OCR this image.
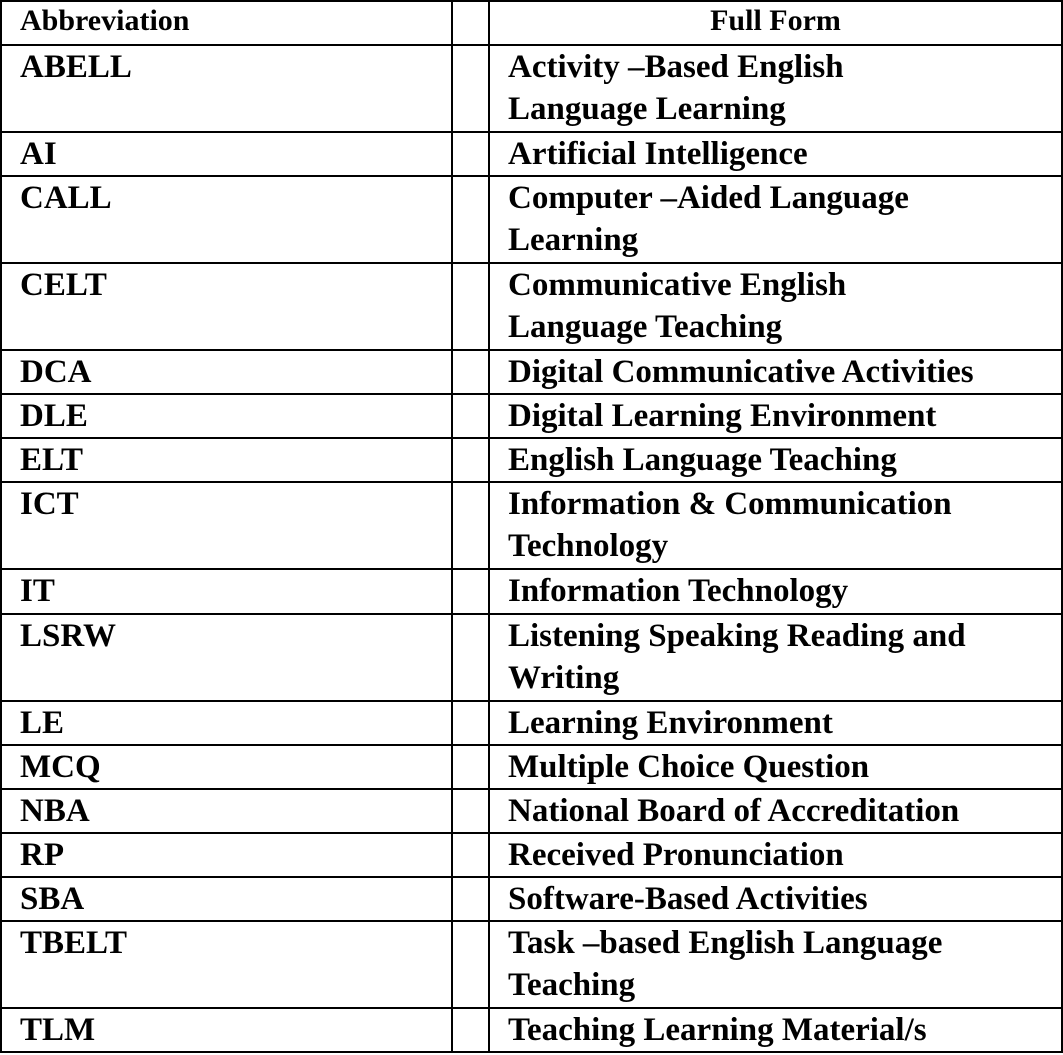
Abbreviation		Full Form
ABELL		Activity –Based English
Language Learning

AI		Artificial Intelligence

CALL		Computer –Aided Language
Learning

CELT		Communicative English
Language Teaching

DCA		Digital Communicative Activities

DLE		Digital Learning Environment

ELT		English Language Teaching

ICT		Information & Communication
Technology

IT		Information Technology

LSRW		Listening Speaking Reading and
Writing

LE		Learning Environment

MCQ		Multiple Choice Question

NBA		National Board of Accreditation

RP		Received Pronunciation

SBA		Software-Based Activities

TBELT		Task –based English Language
Teaching

TLM		Teaching Learning Material/s
